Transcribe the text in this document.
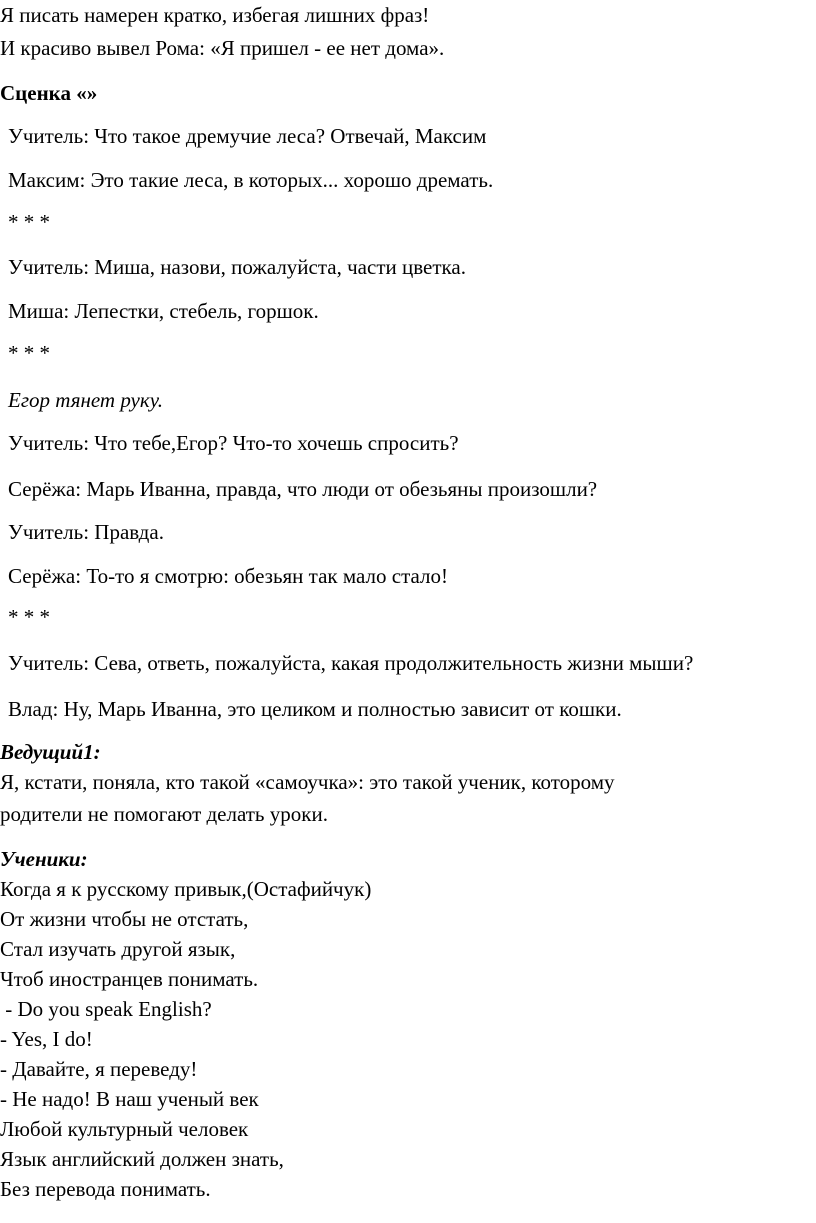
Я писать намерен кратко, избегая лишних фраз!
И красиво вывел Рома: «Я пришел - ее нет дома».
Сценка «»
Учитель: Что такое дремучие леса? Отвечай, Максим
Максим: Это такие леса, в которых... хорошо дремать.
* * *
Учитель: Миша, назови, пожалуйста, части цветка.
Миша: Лепестки, стебель, горшок.
* * *
Егор тянет руку.
Учитель: Что тебе,Егор? Что-то хочешь спросить?
Серёжа: Марь Иванна, правда, что люди от обезьяны произошли?
Учитель: Правда.
Серёжа: То-то я смотрю: обезьян так мало стало!
* * *
Учитель: Сева, ответь, пожалуйста, какая продолжительность жизни мыши?
Влад: Ну, Марь Иванна, это целиком и полностью зависит от кошки.
Ведущий1:
Я, кстати, поняла, кто такой «самоучка»: это такой ученик, которому
родители не помогают делать уроки.
Ученики:
Когда я к русскому привык,(Остафийчук)
От жизни чтобы не отстать,
Стал изучать другой язык,
Чтоб иностранцев понимать.
- Do you speak English?
- Yes, I do!
- Давайте, я переведу!
- Не надо! В наш ученый век
Любой культурный человек
Язык английский должен знать,
Без перевода понимать.
